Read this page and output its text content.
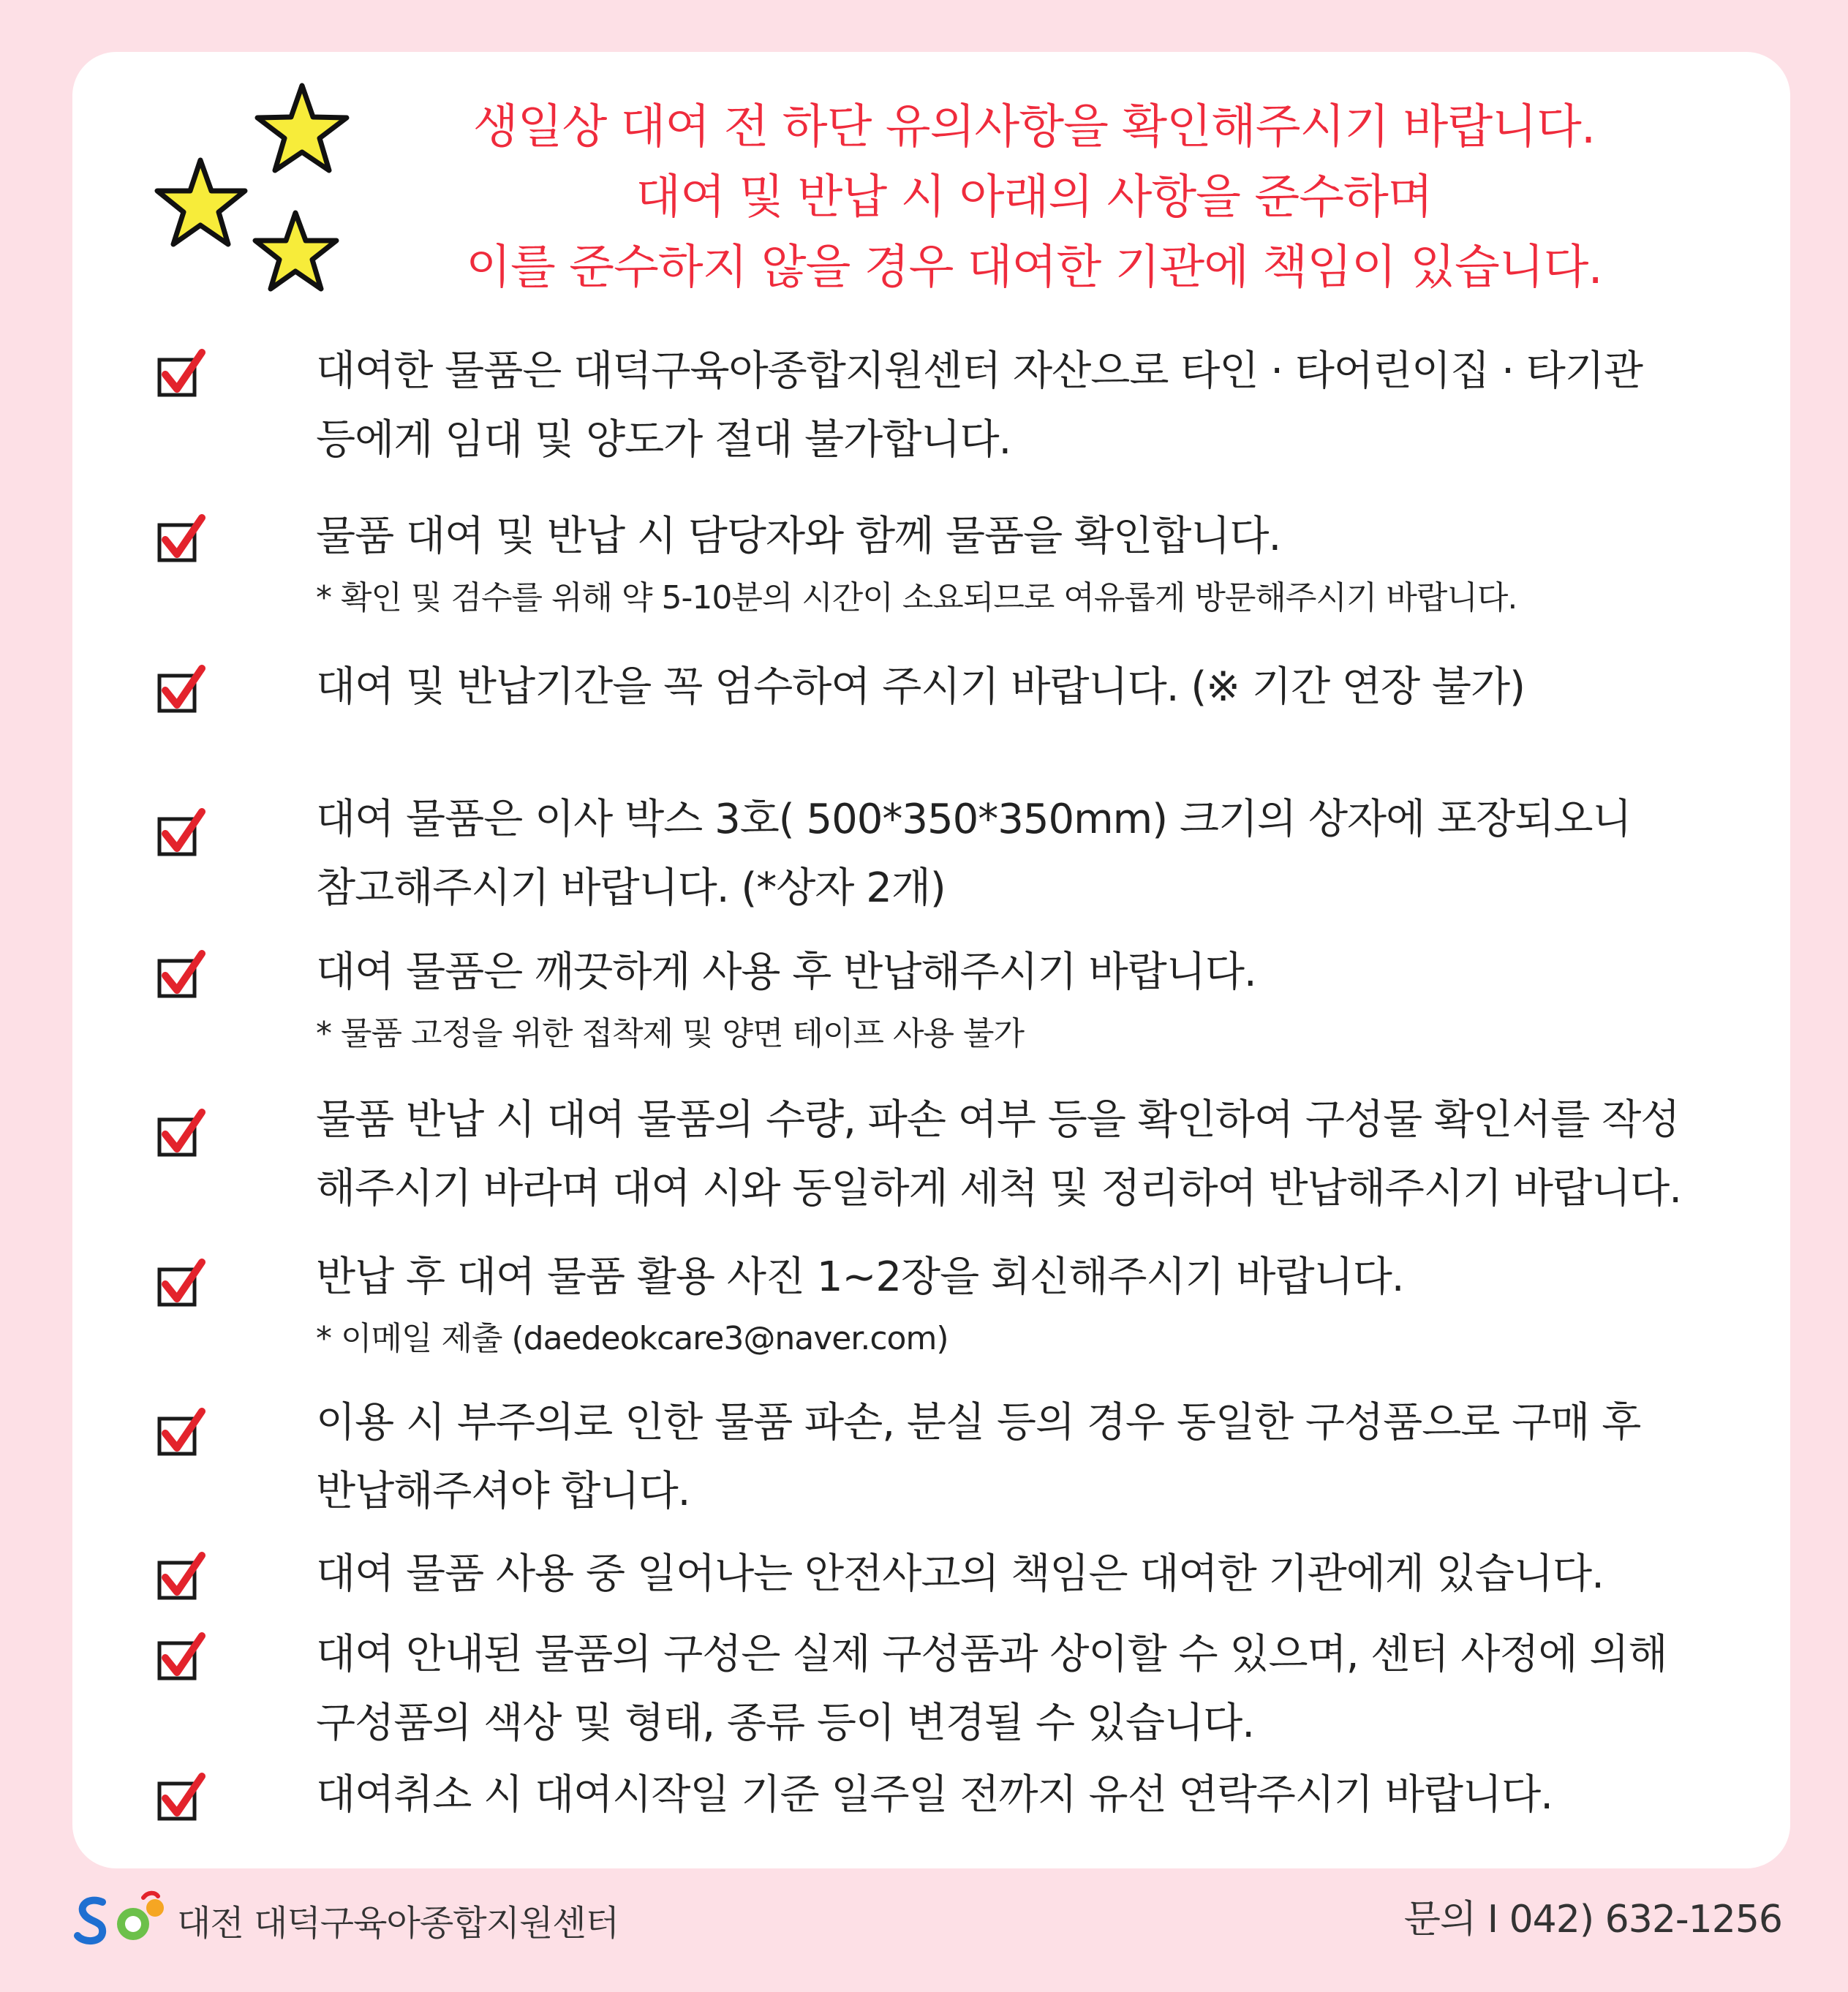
생일상 대여 전 하단 유의사항을 확인해주시기 바랍니다.
대여 및 반납 시 아래의 사항을 준수하며
이를 준수하지 않을 경우 대여한 기관에 책임이 있습니다.
대여한 물품은 대덕구육아종합지원센터 자산으로 타인 · 타어린이집 · 타기관
등에게 임대 및 양도가 절대 불가합니다.
물품 대여 및 반납 시 담당자와 함께 물품을 확인합니다.
* 확인 및 검수를 위해 약 5-10분의 시간이 소요되므로 여유롭게 방문해주시기 바랍니다.
대여 및 반납기간을 꼭 엄수하여 주시기 바랍니다. (※ 기간 연장 불가)
대여 물품은 이사 박스 3호( 500*350*350mm) 크기의 상자에 포장되오니
참고해주시기 바랍니다. (*상자 2개)
대여 물품은 깨끗하게 사용 후 반납해주시기 바랍니다.
* 물품 고정을 위한 접착제 및 양면 테이프 사용 불가
물품 반납 시 대여 물품의 수량, 파손 여부 등을 확인하여 구성물 확인서를 작성
해주시기 바라며 대여 시와 동일하게 세척 및 정리하여 반납해주시기 바랍니다.
반납 후 대여 물품 활용 사진 1~2장을 회신해주시기 바랍니다.
* 이메일 제출 (daedeokcare3@naver.com)
이용 시 부주의로 인한 물품 파손, 분실 등의 경우 동일한 구성품으로 구매 후
반납해주셔야 합니다.
대여 물품 사용 중 일어나는 안전사고의 책임은 대여한 기관에게 있습니다.
대여 안내된 물품의 구성은 실제 구성품과 상이할 수 있으며, 센터 사정에 의해
구성품의 색상 및 형태, 종류 등이 변경될 수 있습니다.
대여취소 시 대여시작일 기준 일주일 전까지 유선 연락주시기 바랍니다.
대전 대덕구육아종합지원센터	문의 I 042) 632-1256
